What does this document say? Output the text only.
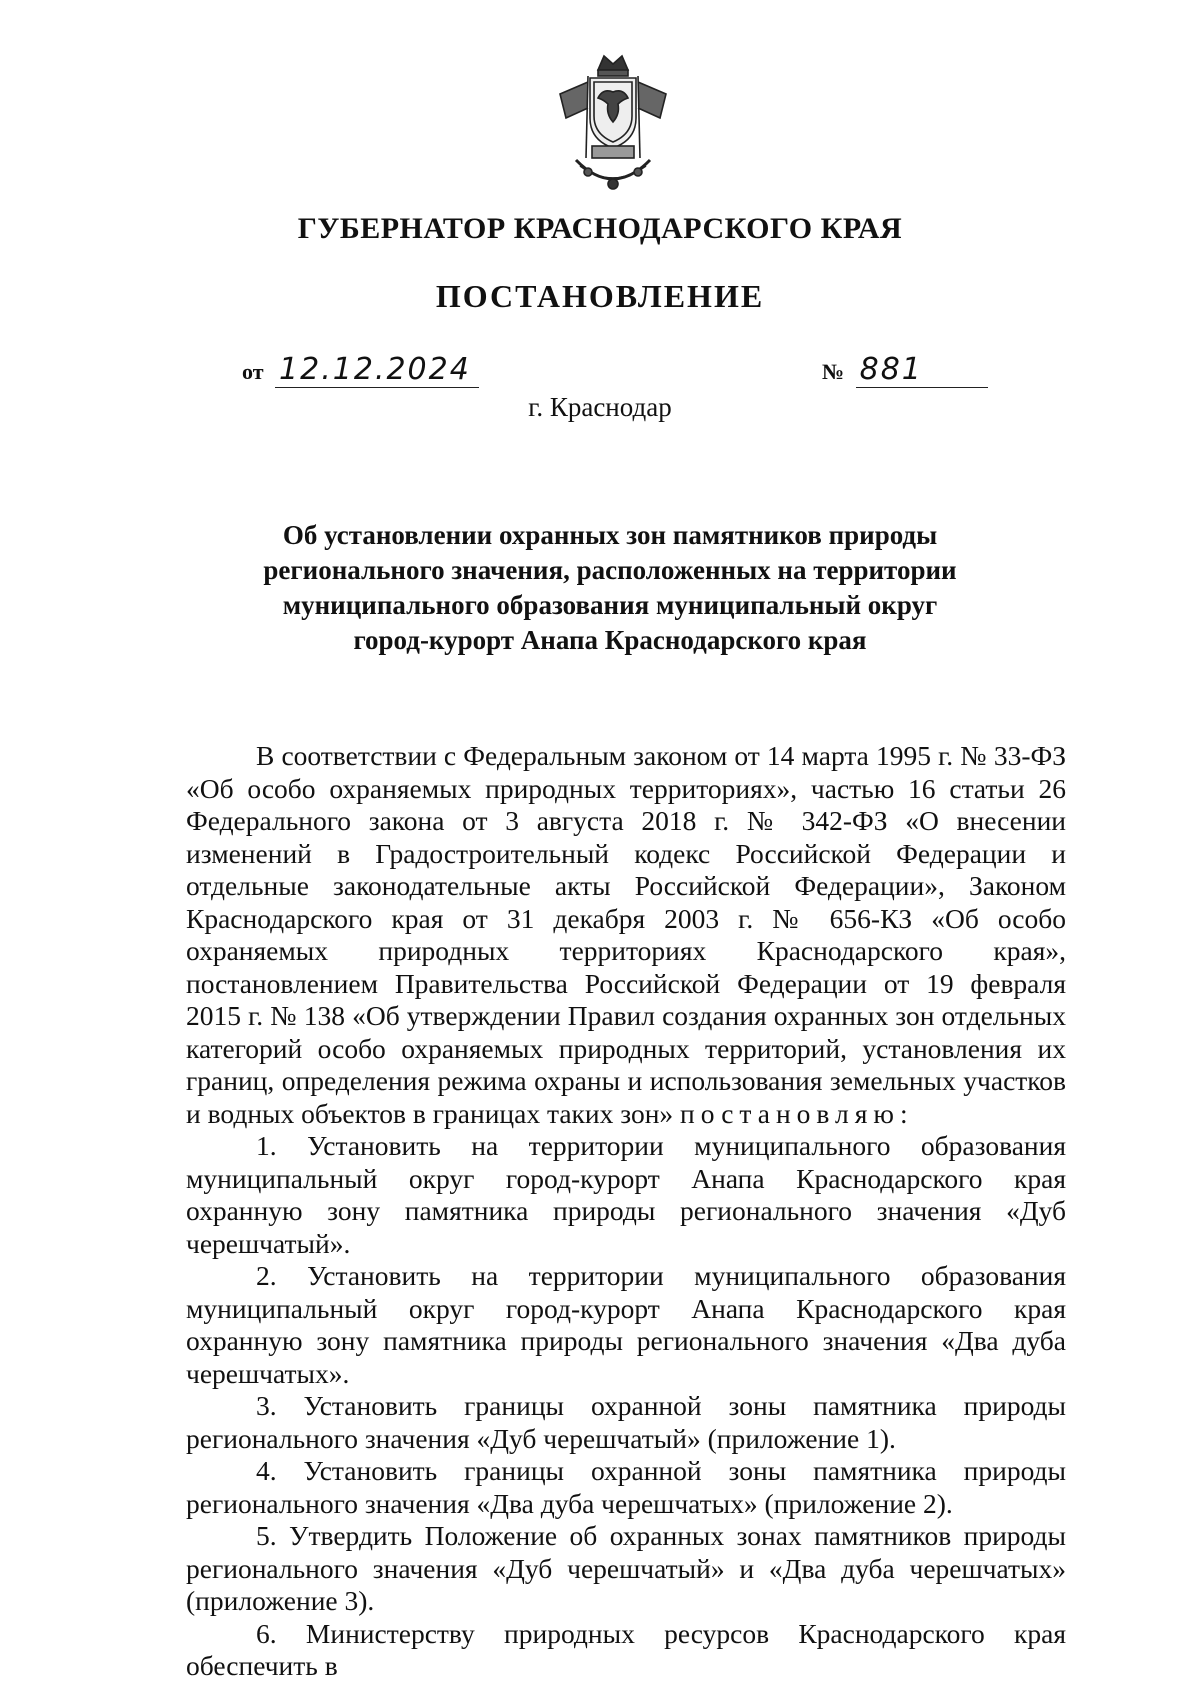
ГУБЕРНАТОР КРАСНОДАРСКОГО КРАЯ
ПОСТАНОВЛЕНИЕ
от 12.12.2024	№ 881
г. Краснодар
Об установлении охранных зон памятников природы
регионального значения, расположенных на территории
муниципального образования муниципальный округ
город-курорт Анапа Краснодарского края

В соответствии с Федеральным законом от 14 марта 1995 г. № 33-ФЗ «Об особо охраняемых природных территориях», частью 16 статьи 26 Федерального закона от 3 августа 2018 г. № 342-ФЗ «О внесении изменений в Градостроительный кодекс Российской Федерации и отдельные законодательные акты Российской Федерации», Законом Краснодарского края от 31 декабря 2003 г. № 656-КЗ «Об особо охраняемых природных территориях Краснодарского края», постановлением Правительства Российской Федерации от 19 февраля 2015 г. № 138 «Об утверждении Правил создания охранных зон отдельных категорий особо охраняемых природных территорий, установления их границ, определения режима охраны и использования земельных участков и водных объектов в границах таких зон» постановляю:

1. Установить на территории муниципального образования муниципальный округ город-курорт Анапа Краснодарского края охранную зону памятника природы регионального значения «Дуб черешчатый».

2. Установить на территории муниципального образования муниципальный округ город-курорт Анапа Краснодарского края охранную зону памятника природы регионального значения «Два дуба черешчатых».

3. Установить границы охранной зоны памятника природы регионального значения «Дуб черешчатый» (приложение 1).

4. Установить границы охранной зоны памятника природы регионального значения «Два дуба черешчатых» (приложение 2).

5. Утвердить Положение об охранных зонах памятников природы регионального значения «Дуб черешчатый» и «Два дуба черешчатых» (приложение 3).

6. Министерству природных ресурсов Краснодарского края обеспечить в
